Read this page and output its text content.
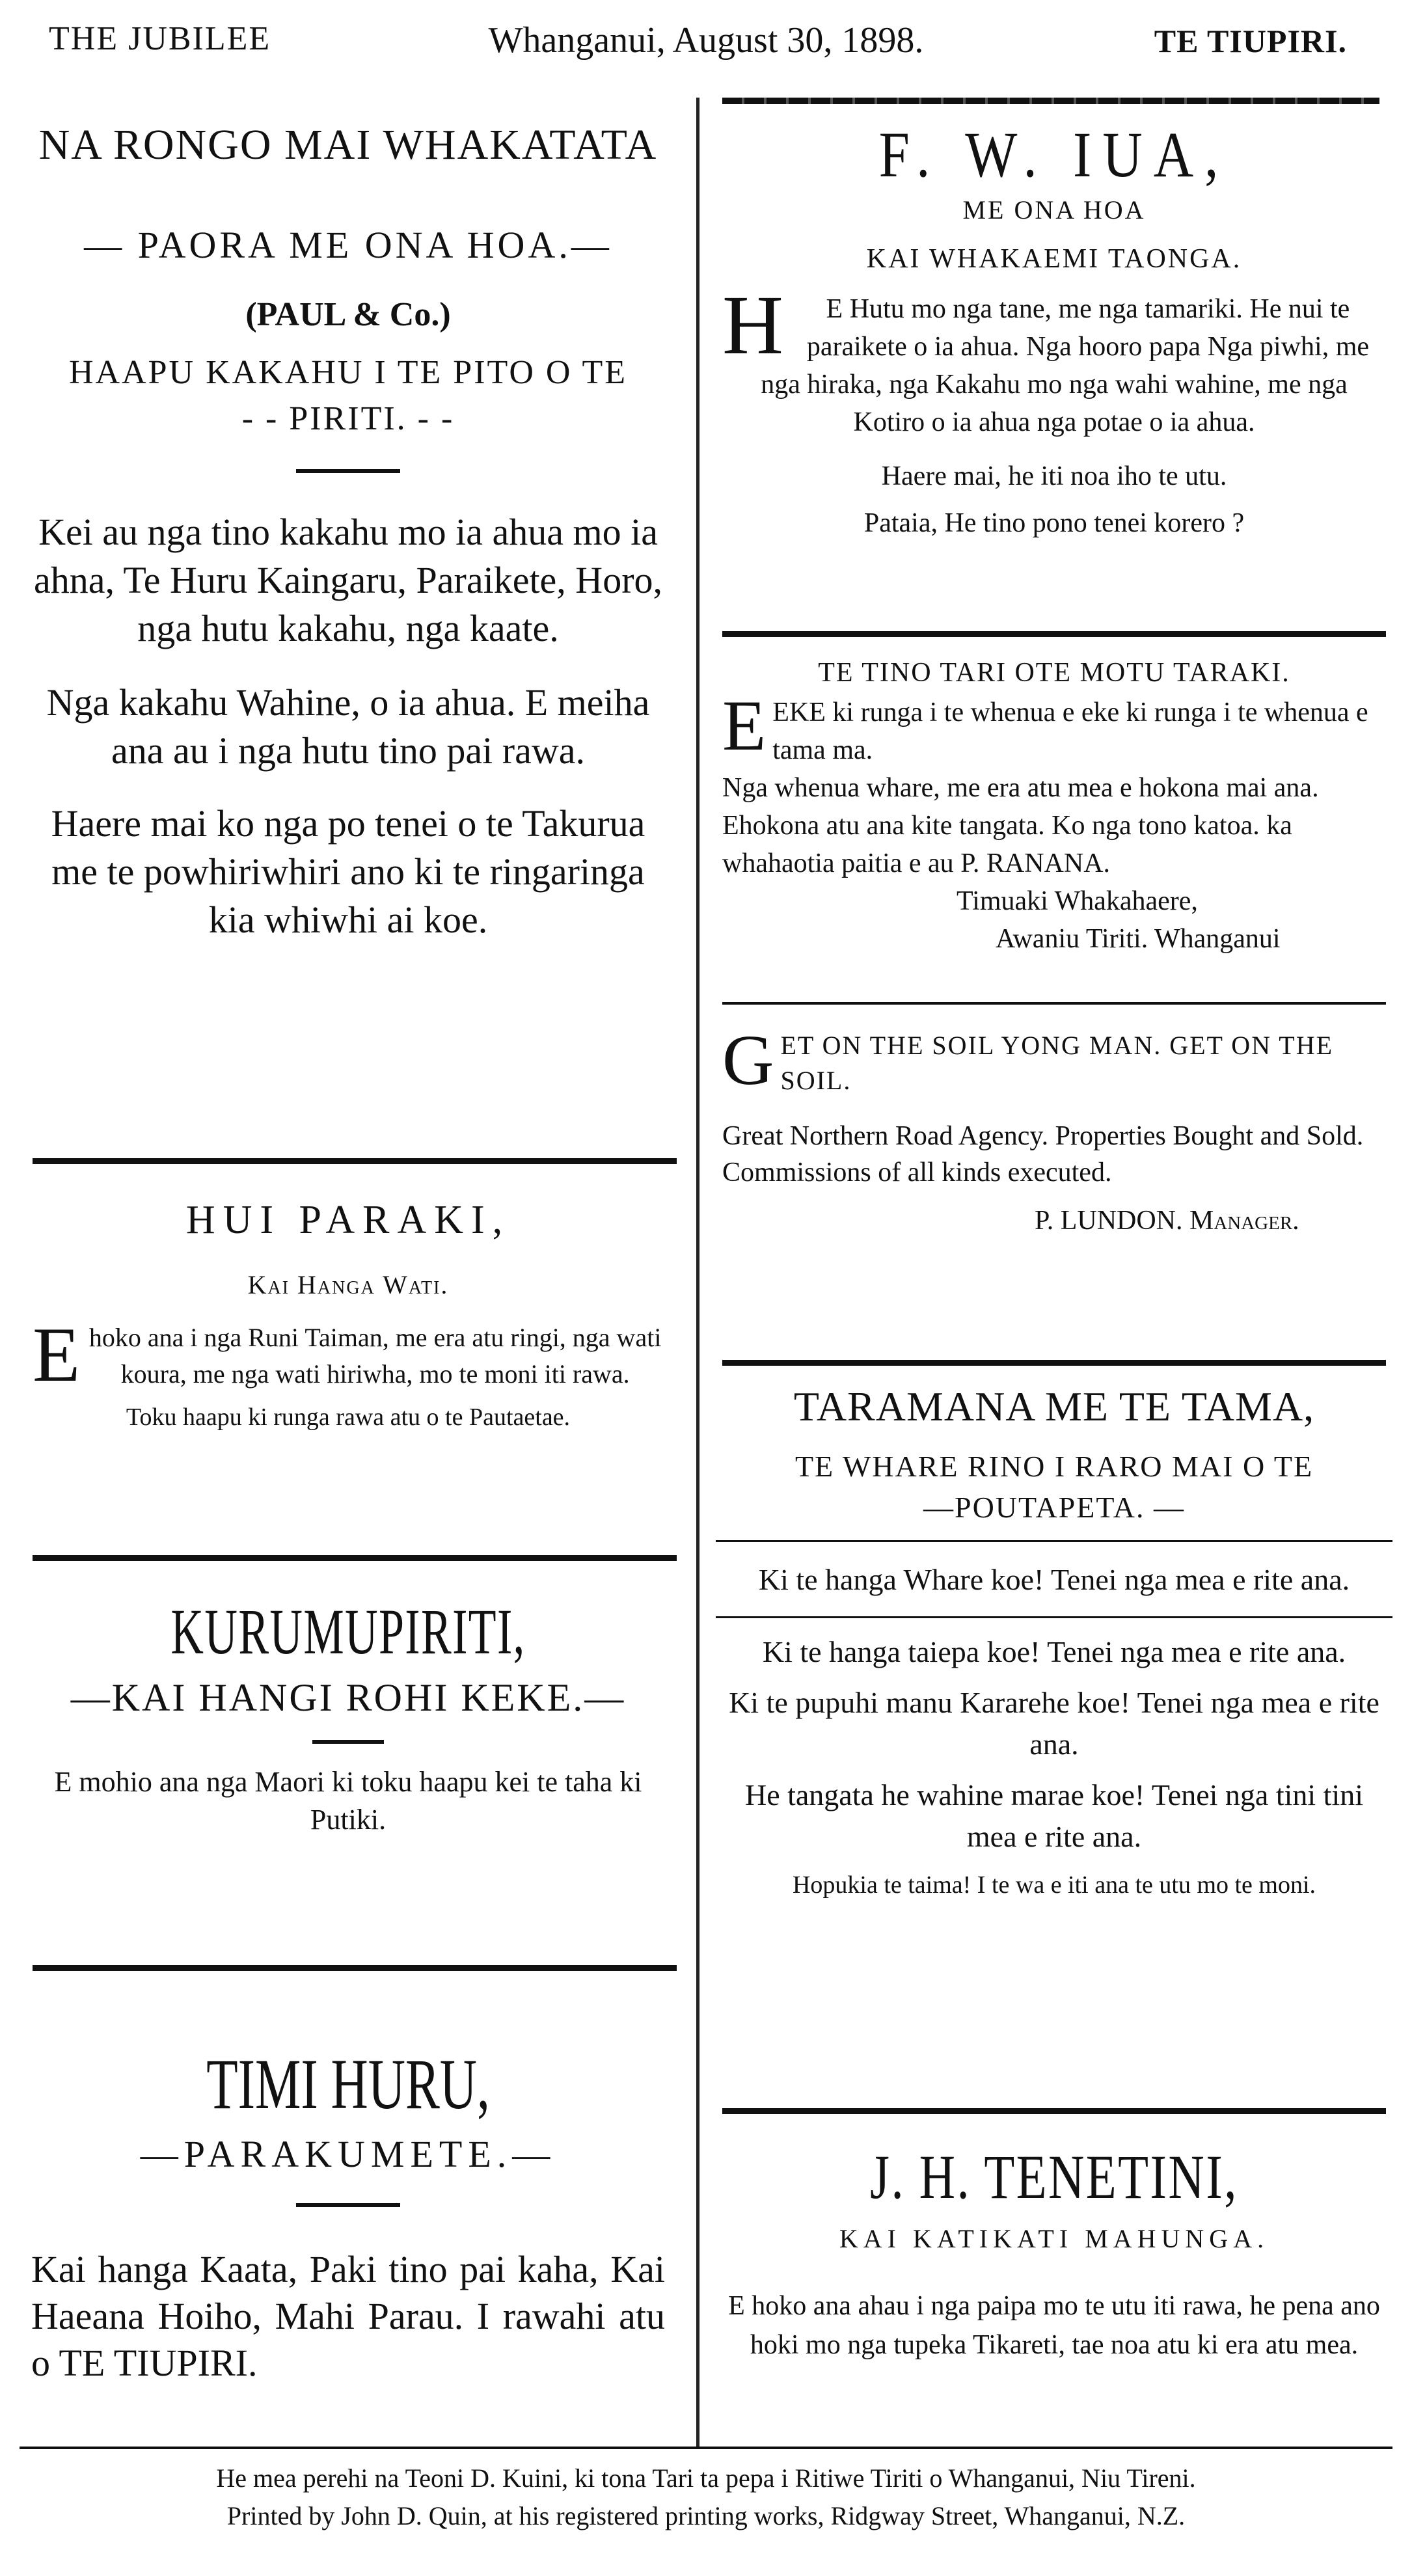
THE JUBILEE	Whanganui, August 30, 1898.	TE TIUPIRI.
NA RONGO MAI WHAKATATA
— PAORA ME ONA HOA.—
(PAUL & Co.)
HAAPU KAKAHU I TE PITO O TE
- - PIRITI. - -
Kei au nga tino kakahu mo ia ahua mo ia ahna, Te Huru Kaingaru, Paraikete, Horo, nga hutu kakahu, nga kaate.
Nga kakahu Wahine, o ia ahua. E meiha ana au i nga hutu tino pai rawa.
Haere mai ko nga po tenei o te Takurua me te powhiriwhiri ano ki te ringaringa kia whiwhi ai koe.
HUI PARAKI,
Kai Hanga Wati.
E hoko ana i nga Runi Taiman, me era atu ringi, nga wati koura, me nga wati hiriwha, mo te moni iti rawa.
Toku haapu ki runga rawa atu o te Pautaetae.
KURUMUPIRITI,
—KAI HANGI ROHI KEKE.—
E mohio ana nga Maori ki toku haapu kei te taha ki Putiki.
TIMI HURU,
—PARAKUMETE.—
Kai hanga Kaata, Paki tino pai kaha, Kai Haeana Hoiho, Mahi Parau. I rawahi atu o TE TIUPIRI.
F. W. IUA,
ME ONA HOA
KAI WHAKAEMI TAONGA.
H E Hutu mo nga tane, me nga tamariki. He nui te paraikete o ia ahua. Nga hooro papa Nga piwhi, me nga hiraka, nga Kakahu mo nga wahi wahine, me nga Kotiro o ia ahua nga potae o ia ahua.
Haere mai, he iti noa iho te utu.
Pataia, He tino pono tenei korero ?
TE TINO TARI OTE MOTU TARAKI.
E EKE ki runga i te whenua e eke ki runga i te whenua e tama ma.
Nga whenua whare, me era atu mea e hokona mai ana. Ehokona atu ana kite tangata. Ko nga tono katoa. ka whahaotia paitia e au P. RANANA.
Timuaki Whakahaere,
Awaniu Tiriti. Whanganui
G ET ON THE SOIL YONG MAN. GET ON THE SOIL.
Great Northern Road Agency. Properties Bought and Sold. Commissions of all kinds executed.
P. LUNDON. Manager.
TARAMANA ME TE TAMA,
TE WHARE RINO I RARO MAI O TE
—POUTAPETA. —
Ki te hanga Whare koe! Tenei nga mea e rite ana.
Ki te hanga taiepa koe! Tenei nga mea e rite ana.
Ki te pupuhi manu Kararehe koe! Tenei nga mea e rite ana.
He tangata he wahine marae koe! Tenei nga tini tini mea e rite ana.
Hopukia te taima! I te wa e iti ana te utu mo te moni.
J. H. TENETINI,
KAI KATIKATI MAHUNGA.
E hoko ana ahau i nga paipa mo te utu iti rawa, he pena ano hoki mo nga tupeka Tikareti, tae noa atu ki era atu mea.
He mea perehi na Teoni D. Kuini, ki tona Tari ta pepa i Ritiwe Tiriti o Whanganui, Niu Tireni.
Printed by John D. Quin, at his registered printing works, Ridgway Street, Whanganui, N.Z.
